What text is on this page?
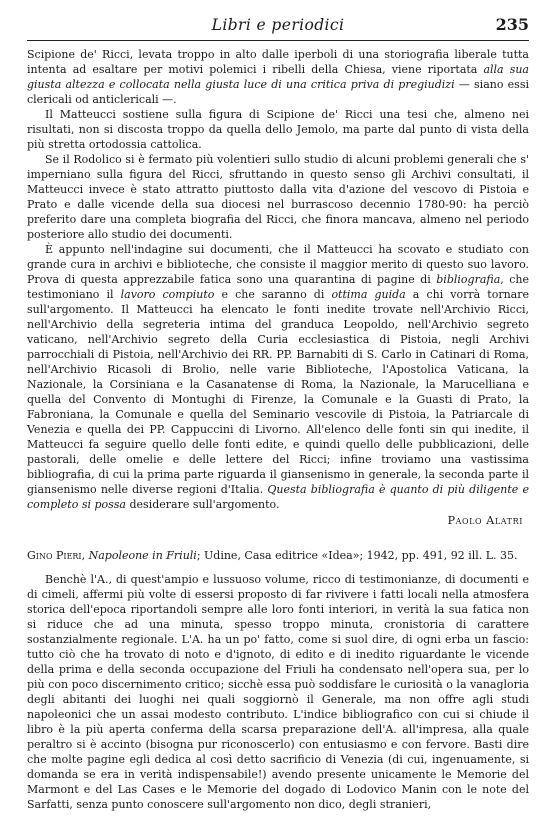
Libri e periodici	235

Scipione de' Ricci, levata troppo in alto dalle iperboli di una storiografia liberale tutta intenta ad esaltare per motivi polemici i ribelli della Chiesa, viene riportata alla sua giusta altezza e collocata nella giusta luce di una critica priva di pregiudizi — siano essi clericali od anticlericali —.

Il Matteucci sostiene sulla figura di Scipione de' Ricci una tesi che, almeno nei risultati, non si discosta troppo da quella dello Jemolo, ma parte dal punto di vista della più stretta ortodossia cattolica.

Se il Rodolico si è fermato più volentieri sullo studio di alcuni problemi generali che s' imperniano sulla figura del Ricci, sfruttando in questo senso gli Archivi consultati, il Matteucci invece è stato attratto piuttosto dalla vita d'azione del vescovo di Pistoia e Prato e dalle vicende della sua diocesi nel burrascoso decennio 1780-90: ha perciò preferito dare una completa biografia del Ricci, che finora mancava, almeno nel periodo posteriore allo studio dei documenti.

È appunto nell'indagine sui documenti, che il Matteucci ha scovato e studiato con grande cura in archivi e biblioteche, che consiste il maggior merito di questo suo lavoro. Prova di questa apprezzabile fatica sono una quarantina di pagine di bibliografia, che testimoniano il lavoro compiuto e che saranno di ottima guida a chi vorrà tornare sull'argomento. Il Matteucci ha elencato le fonti inedite trovate nell'Archivio Ricci, nell'Archivio della segreteria intima del granduca Leopoldo, nell'Archivio segreto vaticano, nell'Archivio segreto della Curia ecclesiastica di Pistoia, negli Archivi parrocchiali di Pistoia, nell'Archivio dei RR. PP. Barnabiti di S. Carlo in Catinari di Roma, nell'Archivio Ricasoli di Brolio, nelle varie Biblioteche, l'Apostolica Vaticana, la Nazionale, la Corsiniana e la Casanatense di Roma, la Nazionale, la Marucelliana e quella del Convento di Montughi di Firenze, la Comunale e la Guasti di Prato, la Fabroniana, la Comunale e quella del Seminario vescovile di Pistoia, la Patriarcale di Venezia e quella dei PP. Cappuccini di Livorno. All'elenco delle fonti sin qui inedite, il Matteucci fa seguire quello delle fonti edite, e quindi quello delle pubblicazioni, delle pastorali, delle omelie e delle lettere del Ricci; infine troviamo una vastissima bibliografia, di cui la prima parte riguarda il giansenismo in generale, la seconda parte il giansenismo nelle diverse regioni d'Italia. Questa bibliografia è quanto di più diligente e completo si possa desiderare sull'argomento.

Paolo Alatri

Gino Pieri, Napoleone in Friuli; Udine, Casa editrice «Idea»; 1942, pp. 491, 92 ill. L. 35.

Benchè l'A., di quest'ampio e lussuoso volume, ricco di testimonianze, di documenti e di cimeli, affermi più volte di essersi proposto di far rivivere i fatti locali nella atmosfera storica dell'epoca riportandoli sempre alle loro fonti interiori, in verità la sua fatica non si riduce che ad una minuta, spesso troppo minuta, cronistoria di carattere sostanzialmente regionale. L'A. ha un po' fatto, come si suol dire, di ogni erba un fascio: tutto ciò che ha trovato di noto e d'ignoto, di edito e di inedito riguardante le vicende della prima e della seconda occupazione del Friuli ha condensato nell'opera sua, per lo più con poco discernimento critico; sicchè essa può soddisfare le curiosità o la vanagloria degli abitanti dei luoghi nei quali soggiornò il Generale, ma non offre agli studi napoleonici che un assai modesto contributo. L'indice bibliografico con cui si chiude il libro è la più aperta conferma della scarsa preparazione dell'A. all'impresa, alla quale peraltro si è accinto (bisogna pur riconoscerlo) con entusiasmo e con fervore. Basti dire che molte pagine egli dedica al così detto sacrificio di Venezia (di cui, ingenuamente, si domanda se era in verità indispensabile!) avendo presente unicamente le Memorie del Marmont e del Las Cases e le Memorie del dogado di Lodovico Manin con le note del Sarfatti, senza punto conoscere sull'argomento non dico, degli stranieri,
